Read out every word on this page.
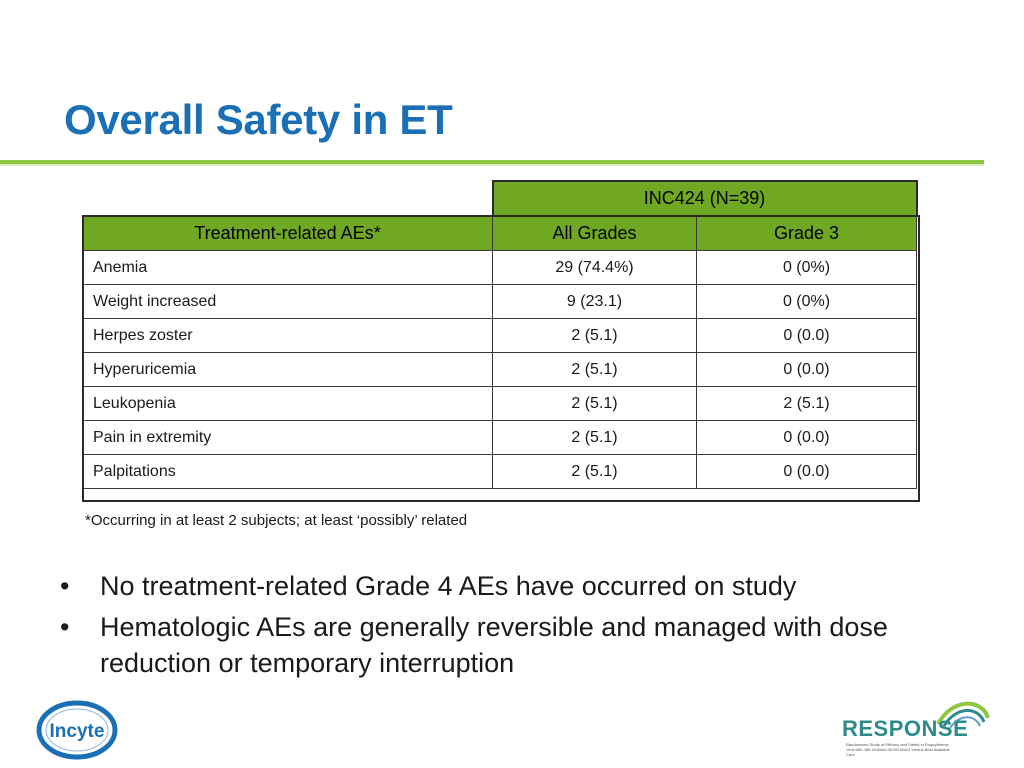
Overall Safety in ET
	INC424 (N=39)	
Treatment-related AEs*	All Grades	Grade 3
Anemia	29 (74.4%)	0 (0%)
Weight increased	9 (23.1)	0 (0%)
Herpes zoster	2 (5.1)	0 (0.0)
Hyperuricemia	2 (5.1)	0 (0.0)
Leukopenia	2 (5.1)	2 (5.1)
Pain in extremity	2 (5.1)	0 (0.0)
Palpitations	2 (5.1)	0 (0.0)
*Occurring in at least 2 subjects; at least ‘possibly’ related
• No treatment-related Grade 4 AEs have occurred on study
• Hematologic AEs are generally reversible and managed with dose reduction or temporary interruption
Incyte	RESPONSE
Randomized Study of Efficacy and Safety in Polycythemia Vera with JAK Inhibitor INCB018424 Versus Best Available Care
